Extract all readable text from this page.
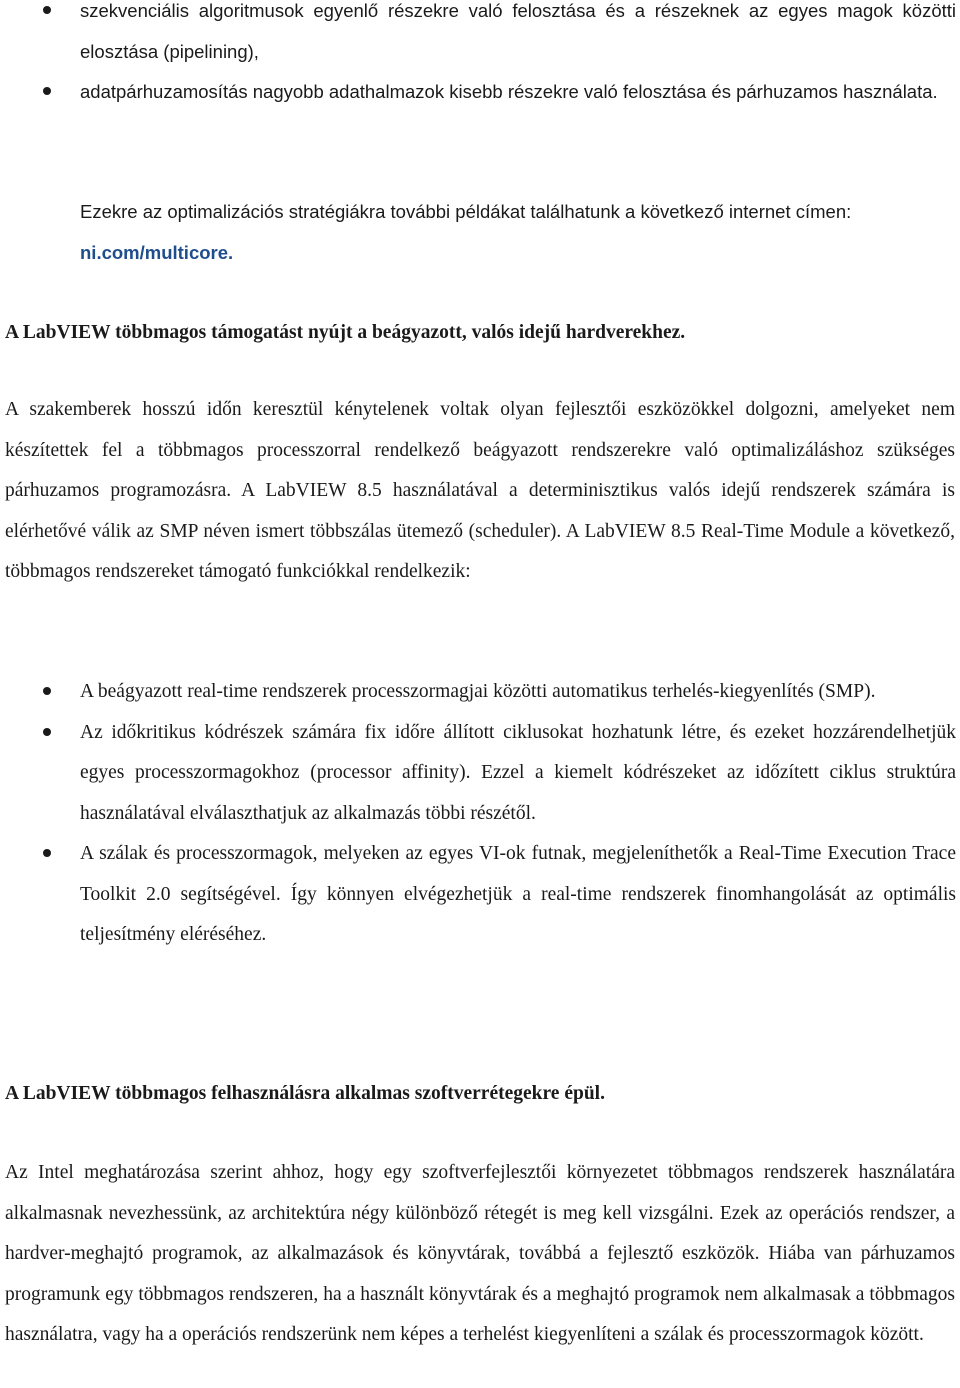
szekvenciális algoritmusok egyenlő részekre való felosztása és a részeknek az egyes magok közötti elosztása (pipelining),
adatpárhuzamosítás nagyobb adathalmazok kisebb részekre való felosztása és párhuzamos használata.

Ezekre az optimalizációs stratégiákra további példákat találhatunk a következő internet címen:
ni.com/multicore.

A LabVIEW többmagos támogatást nyújt a beágyazott, valós idejű hardverekhez.

A szakemberek hosszú időn keresztül kénytelenek voltak olyan fejlesztői eszközökkel dolgozni, amelyeket nem készítettek fel a többmagos processzorral rendelkező beágyazott rendszerekre való optimalizáláshoz szükséges párhuzamos programozásra. A LabVIEW 8.5 használatával a determinisztikus valós idejű rendszerek számára is elérhetővé válik az SMP néven ismert többszálas ütemező (scheduler). A LabVIEW 8.5 Real-Time Module a következő, többmagos rendszereket támogató funkciókkal rendelkezik:

A beágyazott real-time rendszerek processzormagjai közötti automatikus terhelés-kiegyenlítés (SMP).
Az időkritikus kódrészek számára fix időre állított ciklusokat hozhatunk létre, és ezeket hozzárendelhetjük egyes processzormagokhoz (processor affinity). Ezzel a kiemelt kódrészeket az időzített ciklus struktúra használatával elválaszthatjuk az alkalmazás többi részétől.
A szálak és processzormagok, melyeken az egyes VI-ok futnak, megjeleníthetők a Real-Time Execution Trace Toolkit 2.0 segítségével. Így könnyen elvégezhetjük a real-time rendszerek finomhangolását az optimális teljesítmény eléréséhez.

A LabVIEW többmagos felhasználásra alkalmas szoftverrétegekre épül.

Az Intel meghatározása szerint ahhoz, hogy egy szoftverfejlesztői környezetet többmagos rendszerek használatára alkalmasnak nevezhessünk, az architektúra négy különböző rétegét is meg kell vizsgálni. Ezek az operációs rendszer, a hardver-meghajtó programok, az alkalmazások és könyvtárak, továbbá a fejlesztő eszközök. Hiába van párhuzamos programunk egy többmagos rendszeren, ha a használt könyvtárak és a meghajtó programok nem alkalmasak a többmagos használatra, vagy ha a operációs rendszerünk nem képes a terhelést kiegyenlíteni a szálak és processzormagok között.
